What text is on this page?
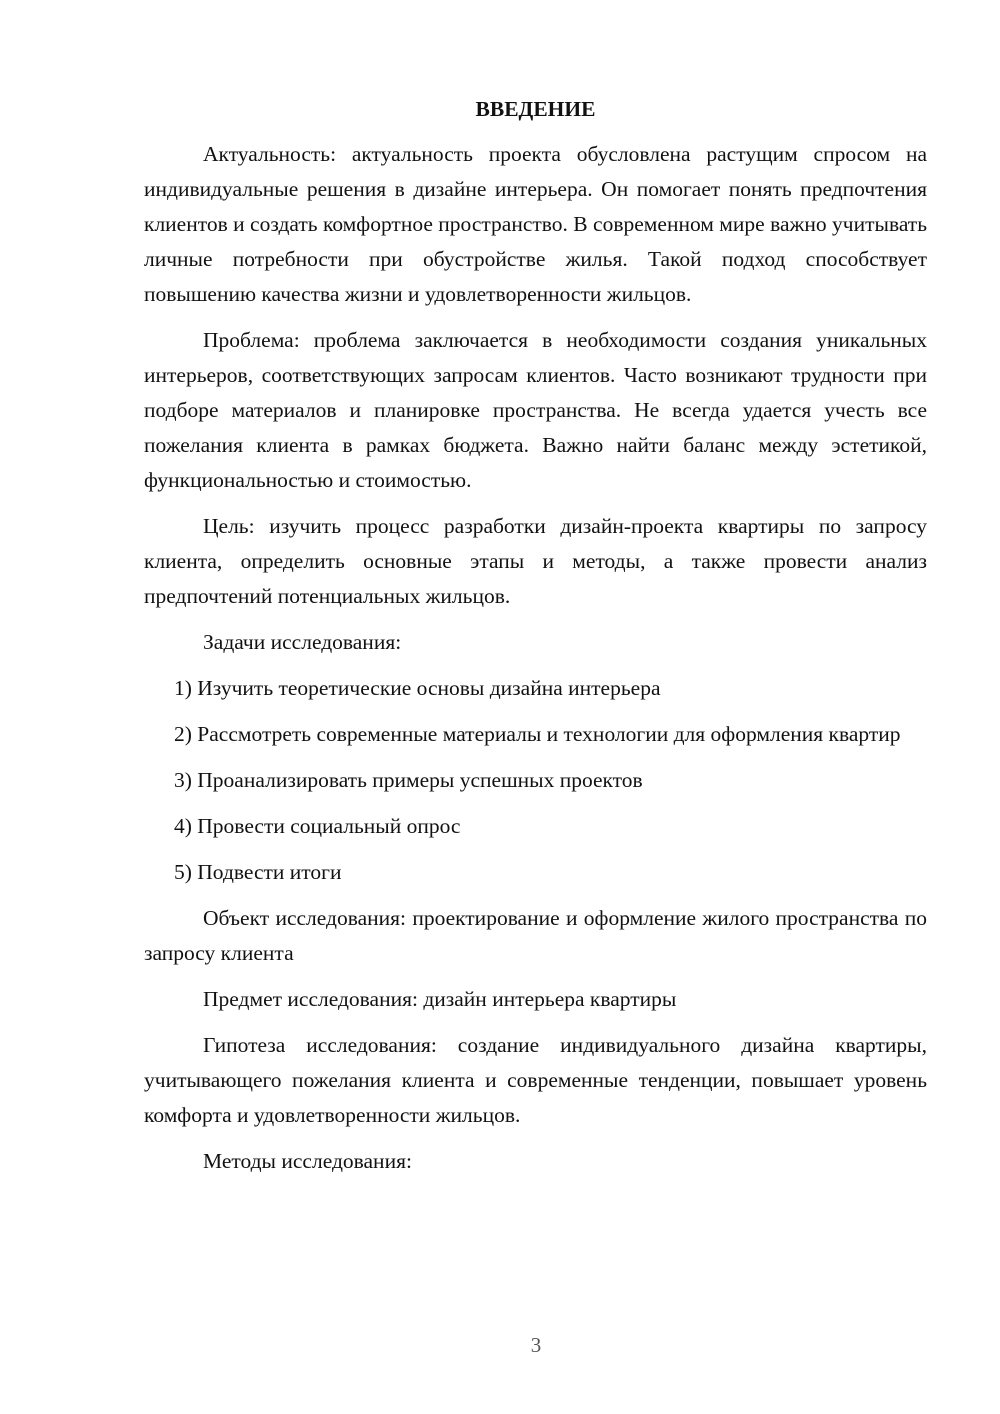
ВВЕДЕНИЕ
Актуальность: актуальность проекта обусловлена растущим спросом на индивидуальные решения в дизайне интерьера. Он помогает понять предпочтения клиентов и создать комфортное пространство. В современном мире важно учитывать личные потребности при обустройстве жилья. Такой подход способствует повышению качества жизни и удовлетворенности жильцов.
Проблема: проблема заключается в необходимости создания уникальных интерьеров, соответствующих запросам клиентов. Часто возникают трудности при подборе материалов и планировке пространства. Не всегда удается учесть все пожелания клиента в рамках бюджета. Важно найти баланс между эстетикой, функциональностью и стоимостью.
Цель: изучить процесс разработки дизайн-проекта квартиры по запросу клиента, определить основные этапы и методы, а также провести анализ предпочтений потенциальных жильцов.
Задачи исследования:
1) Изучить теоретические основы дизайна интерьера
2) Рассмотреть современные материалы и технологии для оформления квартир
3) Проанализировать примеры успешных проектов
4) Провести социальный опрос
5) Подвести итоги
Объект исследования: проектирование и оформление жилого пространства по запросу клиента
Предмет исследования: дизайн интерьера квартиры
Гипотеза исследования: создание индивидуального дизайна квартиры, учитывающего пожелания клиента и современные тенденции, повышает уровень комфорта и удовлетворенности жильцов.
Методы исследования:
3
